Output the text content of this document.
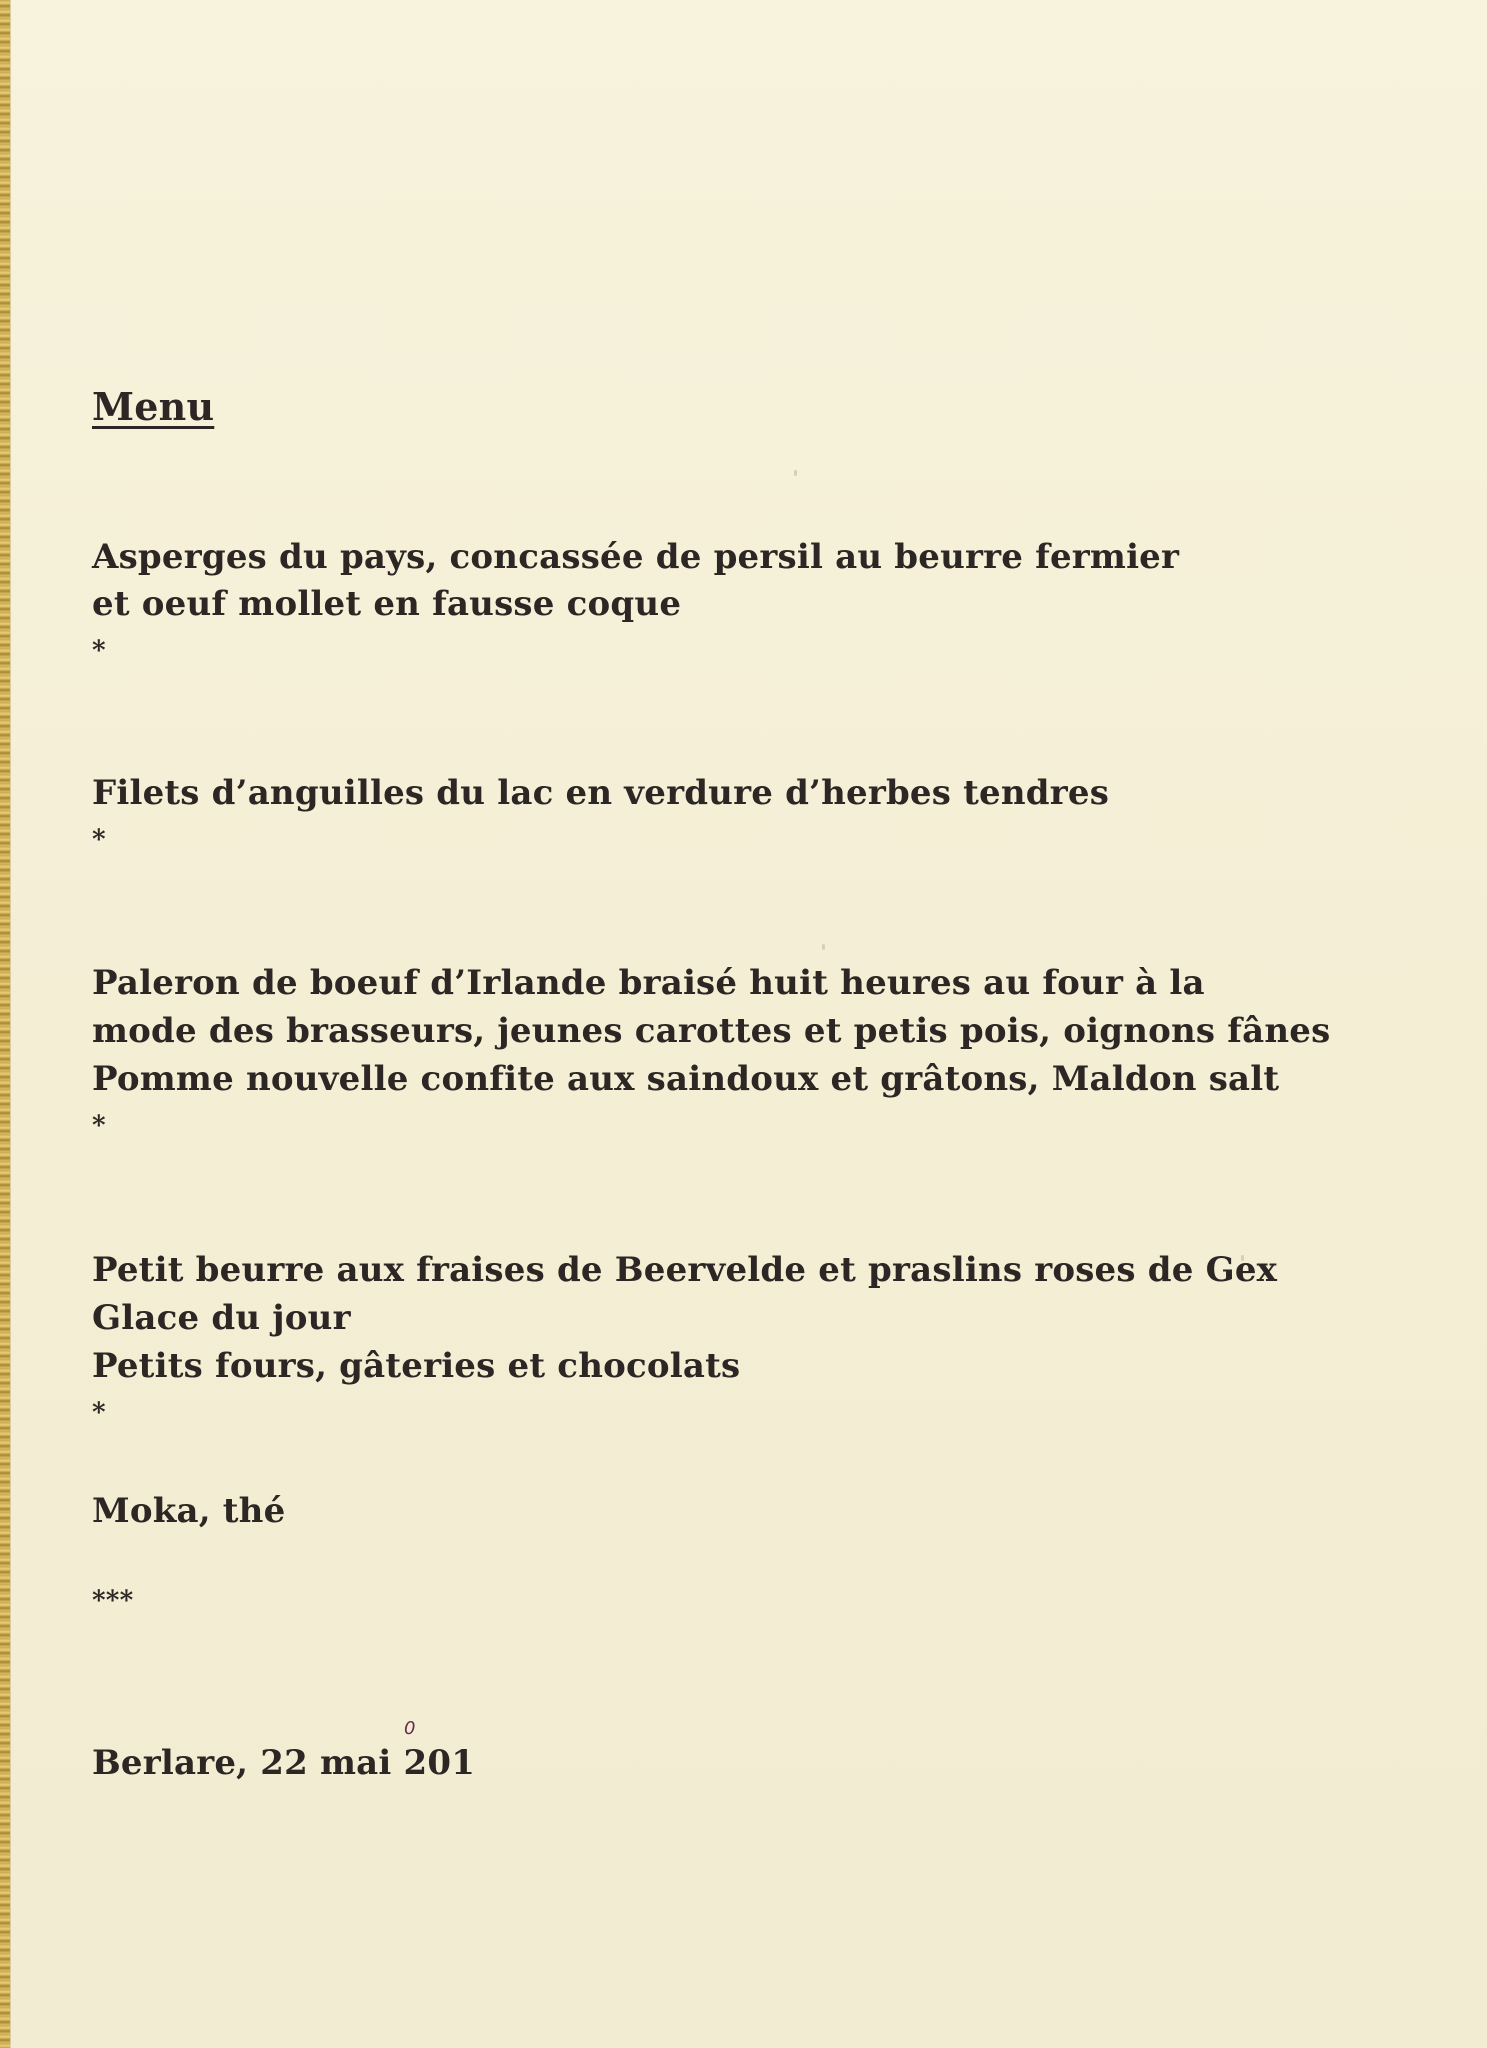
Menu

Asperges du pays, concassée de persil au beurre fermier

et oeuf mollet en fausse coque

*

Filets d’anguilles du lac en verdure d’herbes tendres

*

Paleron de boeuf d’Irlande braisé huit heures au four à la

mode des brasseurs, jeunes carottes et petis pois, oignons fânes

Pomme nouvelle confite aux saindoux et grâtons, Maldon salt

*

Petit beurre aux fraises de Beervelde et praslins roses de Gex

Glace du jour

Petits fours, gâteries et chocolats

*

Moka, thé

***

Berlare, 22 mai 201

0
